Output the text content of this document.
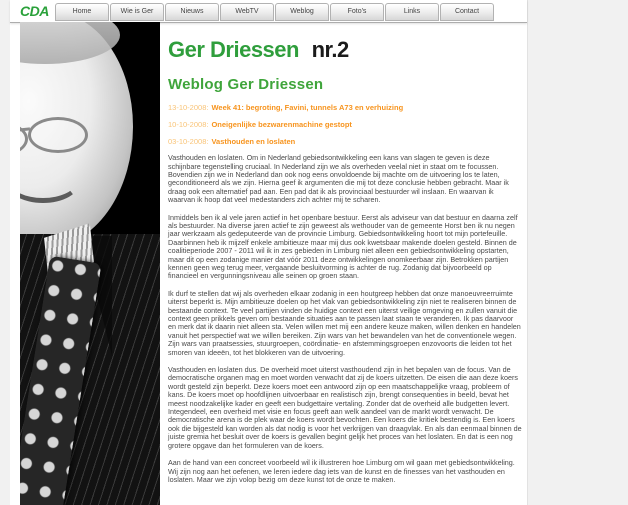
CDA	Home	Wie is Ger	Nieuws	WebTV	Weblog	Foto's	Links	Contact
Ger Driessen nr.2
Weblog Ger Driessen
13-10-2008: Week 41: begroting, Favini, tunnels A73 en verhuizing
10-10-2008: Oneigenlijke bezwarenmachine gestopt
03-10-2008: Vasthouden en loslaten

Vasthouden en loslaten. Om in Nederland gebiedsontwikkeling een kans van slagen te geven is deze schijnbare tegenstelling cruciaal. In Nederland zijn we als overheden veelal niet in staat om te focussen. Bovendien zijn we in Nederland dan ook nog eens onvoldoende bij machte om de uitvoering los te laten, geconditioneerd als we zijn. Hierna geef ik argumenten die mij tot deze conclusie hebben gebracht. Maar ik draag ook een alternatief pad aan. Een pad dat ik als provinciaal bestuurder wil inslaan. En waarvan ik waarvan ik hoop dat veel medestanders zich achter mij te scharen.

Inmiddels ben ik al vele jaren actief in het openbare bestuur. Eerst als adviseur van dat bestuur en daarna zelf als bestuurder. Na diverse jaren actief te zijn geweest als wethouder van de gemeente Horst ben ik nu negen jaar werkzaam als gedeputeerde van de provincie Limburg. Gebiedsontwikkeling hoort tot mijn portefeuille. Daarbinnen heb ik mijzelf enkele ambitieuze maar mij dus ook kwetsbaar makende doelen gesteld. Binnen de coalitieperiode 2007 - 2011 wil ik in zes gebieden in Limburg niet alleen een gebiedsontwikkeling opstarten, maar dit op een zodanige manier dat vóór 2011 deze ontwikkelingen onomkeerbaar zijn. Betrokken partijen kennen geen weg terug meer, vergaande besluitvorming is achter de rug. Zodanig dat bijvoorbeeld op financieel en vergunningsniveau alle seinen op groen staan.

Ik durf te stellen dat wij als overheden elkaar zodanig in een houtgreep hebben dat onze manoeuvreerruimte uiterst beperkt is. Mijn ambitieuze doelen op het vlak van gebiedsontwikkeling zijn niet te realiseren binnen de bestaande context. Te veel partijen vinden de huidige context een uiterst veilige omgeving en zullen vanuit die context geen prikkels geven om bestaande situaties aan te passen laat staan te veranderen. Ik pas daarvoor en merk dat ik daarin niet alleen sta. Velen willen met mij een andere keuze maken, willen denken en handelen vanuit het perspectief wat we willen bereiken. Zijn wars van het bewandelen van het de conventionele wegen. Zijn wars van praatsessies, stuurgroepen, coördinatie- en afstemmingsgroepen enzovoorts die leiden tot het smoren van ideeën, tot het blokkeren van de uitvoering.

Vasthouden en loslaten dus. De overheid moet uiterst vasthoudend zijn in het bepalen van de focus. Van de democratische organen mag en moet worden verwacht dat zij de koers uitzetten. De eisen die aan deze koers wordt gesteld zijn beperkt. Deze koers moet een antwoord zijn op een maatschappelijke vraag, probleem of kans. De koers moet op hoofdlijnen uitvoerbaar en realistisch zijn, brengt consequenties in beeld, bevat het meest noodzakelijke kader en geeft een budgettaire vertaling. Zonder dat de overheid alle budgetten levert. Integendeel, een overheid met visie en focus geeft aan welk aandeel van de markt wordt verwacht. De democratische arena is de plek waar de koers wordt bevochten. Een koers die kritiek bestendig is. Een koers ook die bijgesteld kan worden als dat nodig is voor het verkrijgen van draagvlak. En als dan eenmaal binnen de juiste gremia het besluit over de koers is gevallen begint gelijk het proces van het loslaten. En dat is een nog grotere opgave dan het formuleren van de koers.

Aan de hand van een concreet voorbeeld wil ik illustreren hoe Limburg om wil gaan met gebiedsontwikkeling. Wij zijn nog aan het oefenen, we leren iedere dag iets van de kunst en de finesses van het vasthouden en loslaten. Maar we zijn volop bezig om deze kunst tot de onze te maken.
